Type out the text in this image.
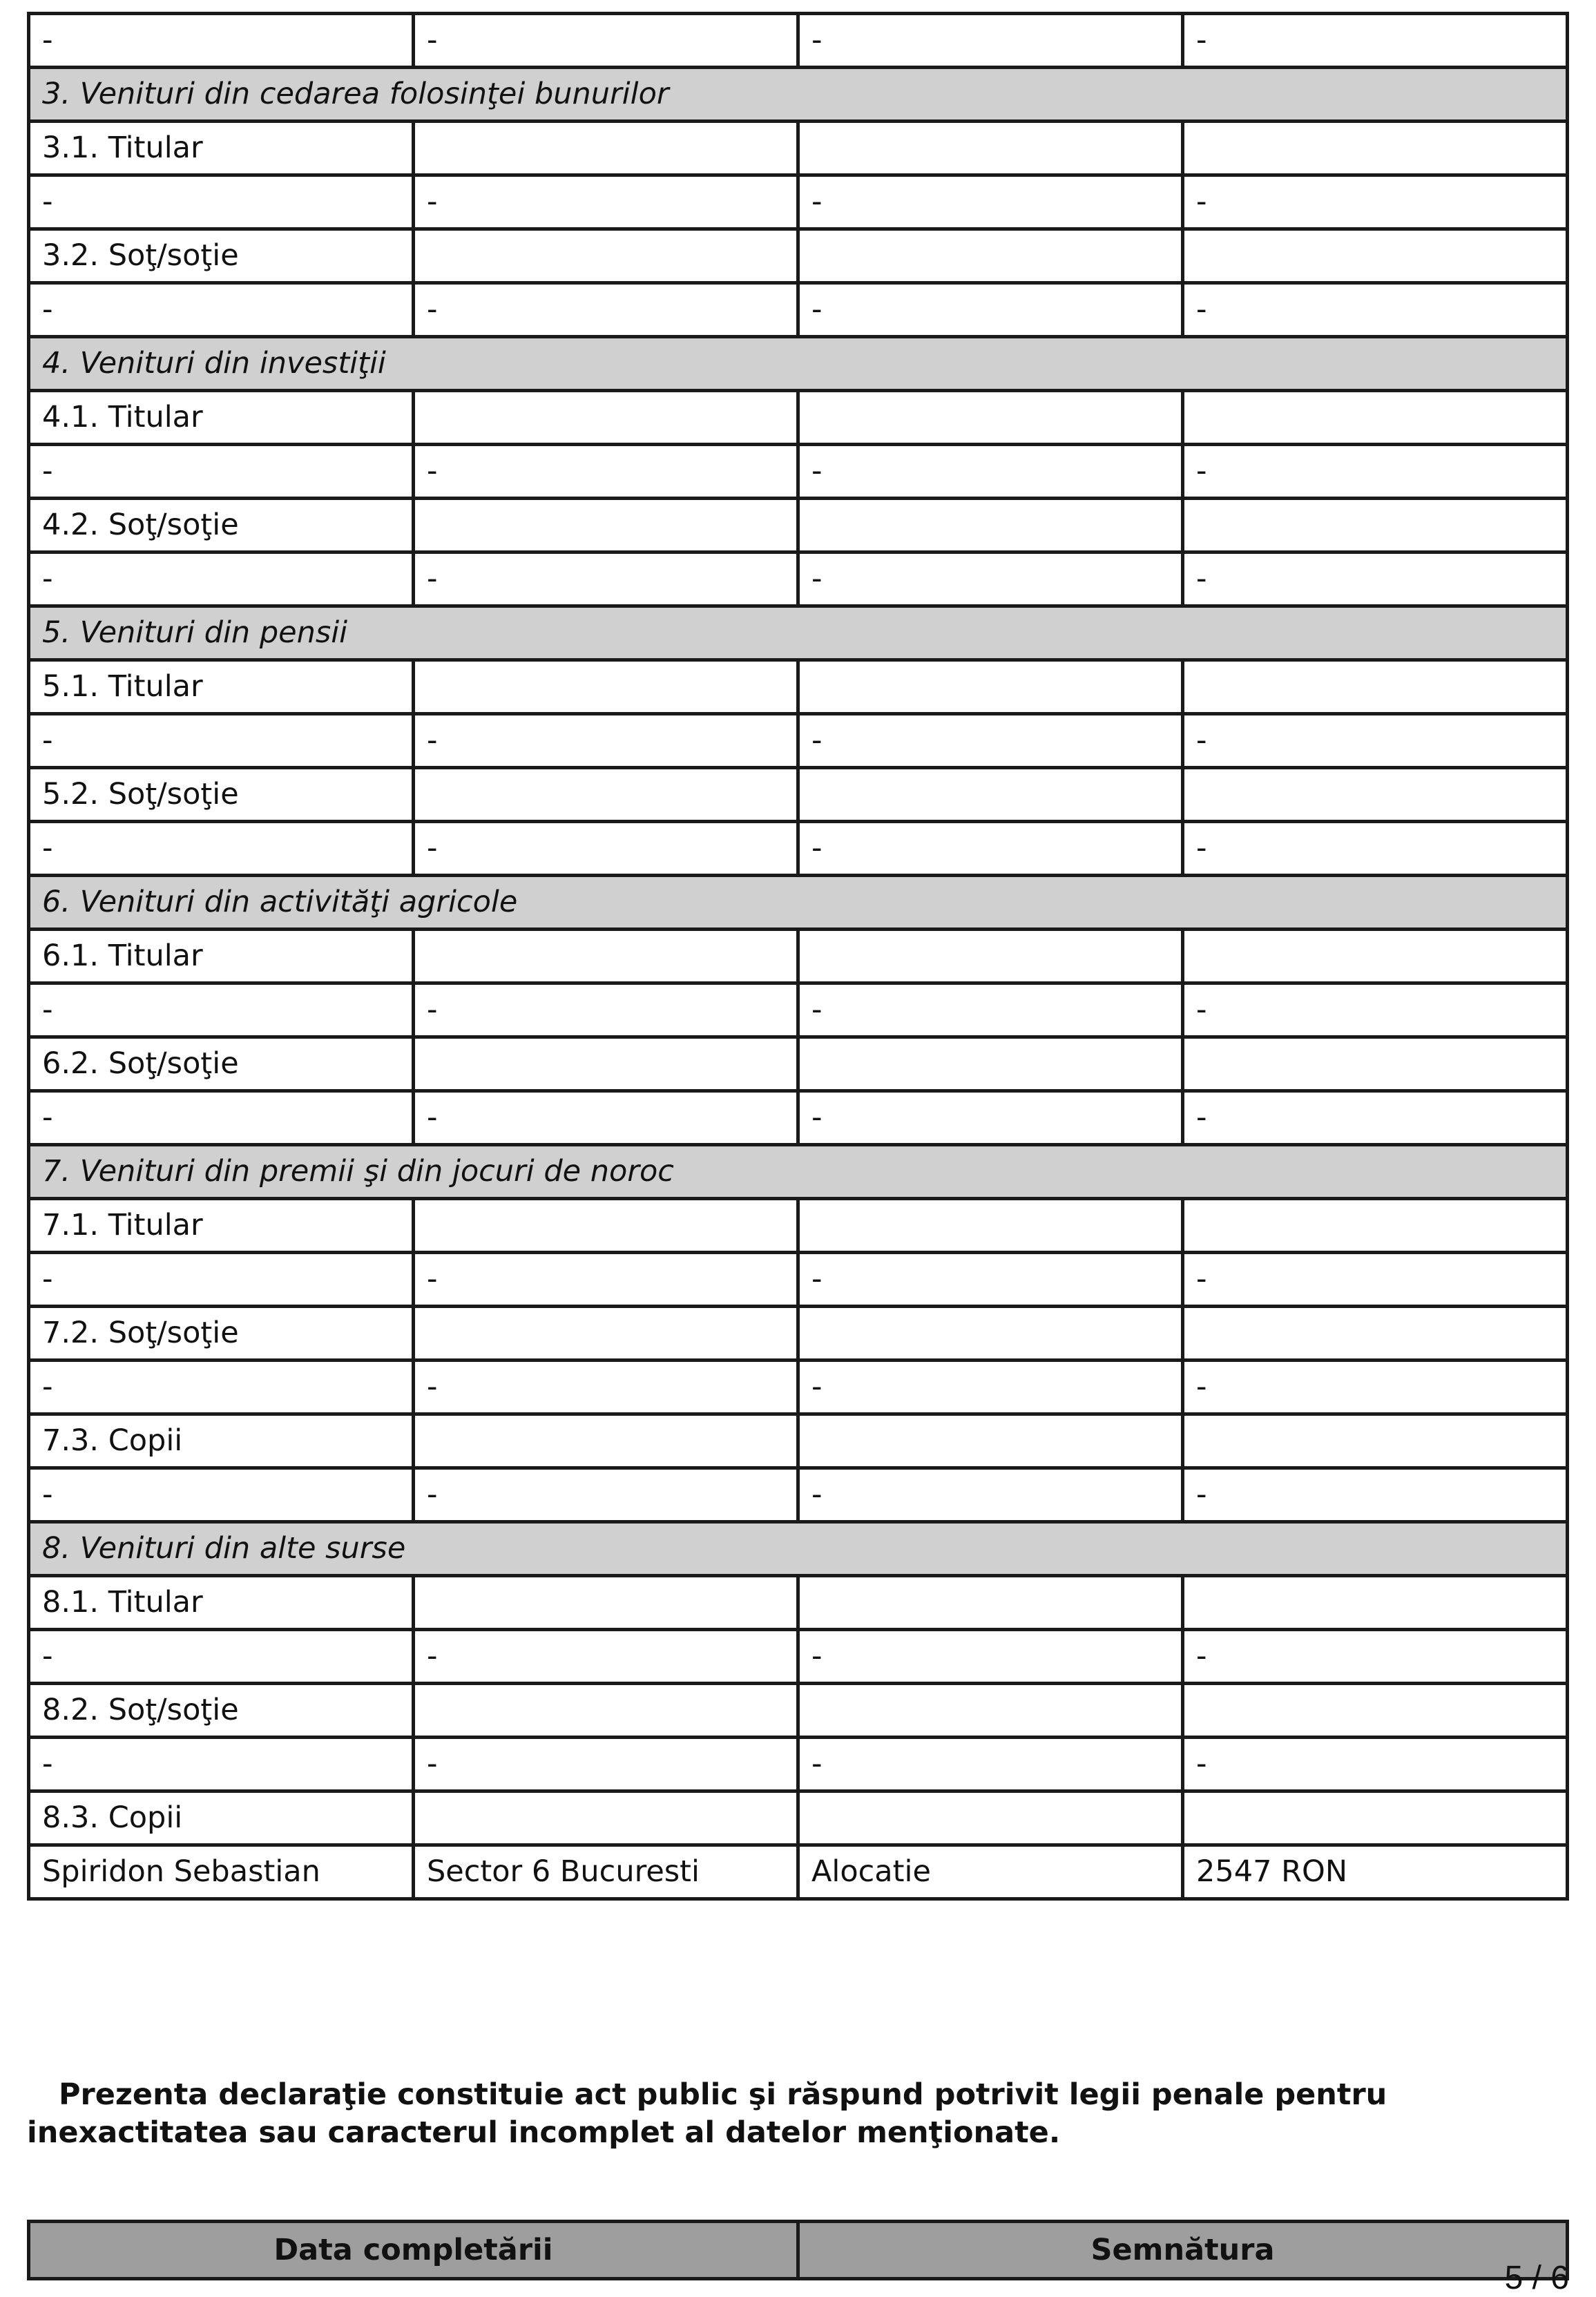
-	-	-	-
3. Venituri din cedarea folosinţei bunurilor			
3.1. Titular			
-	-	-	-
3.2. Soţ/soţie			
-	-	-	-
4. Venituri din investiţii			
4.1. Titular			
-	-	-	-
4.2. Soţ/soţie			
-	-	-	-
5. Venituri din pensii			
5.1. Titular			
-	-	-	-
5.2. Soţ/soţie			
-	-	-	-
6. Venituri din activităţi agricole			
6.1. Titular			
-	-	-	-
6.2. Soţ/soţie			
-	-	-	-
7. Venituri din premii şi din jocuri de noroc			
7.1. Titular			
-	-	-	-
7.2. Soţ/soţie			
-	-	-	-
7.3. Copii			
-	-	-	-
8. Venituri din alte surse			
8.1. Titular			
-	-	-	-
8.2. Soţ/soţie			
-	-	-	-
8.3. Copii			
Spiridon Sebastian	Sector 6 Bucuresti	Alocatie	2547 RON

Prezenta declaraţie constituie act public şi răspund potrivit legii penale pentru inexactitatea sau caracterul incomplet al datelor menţionate.

Data completării	Semnătura
5 / 6
